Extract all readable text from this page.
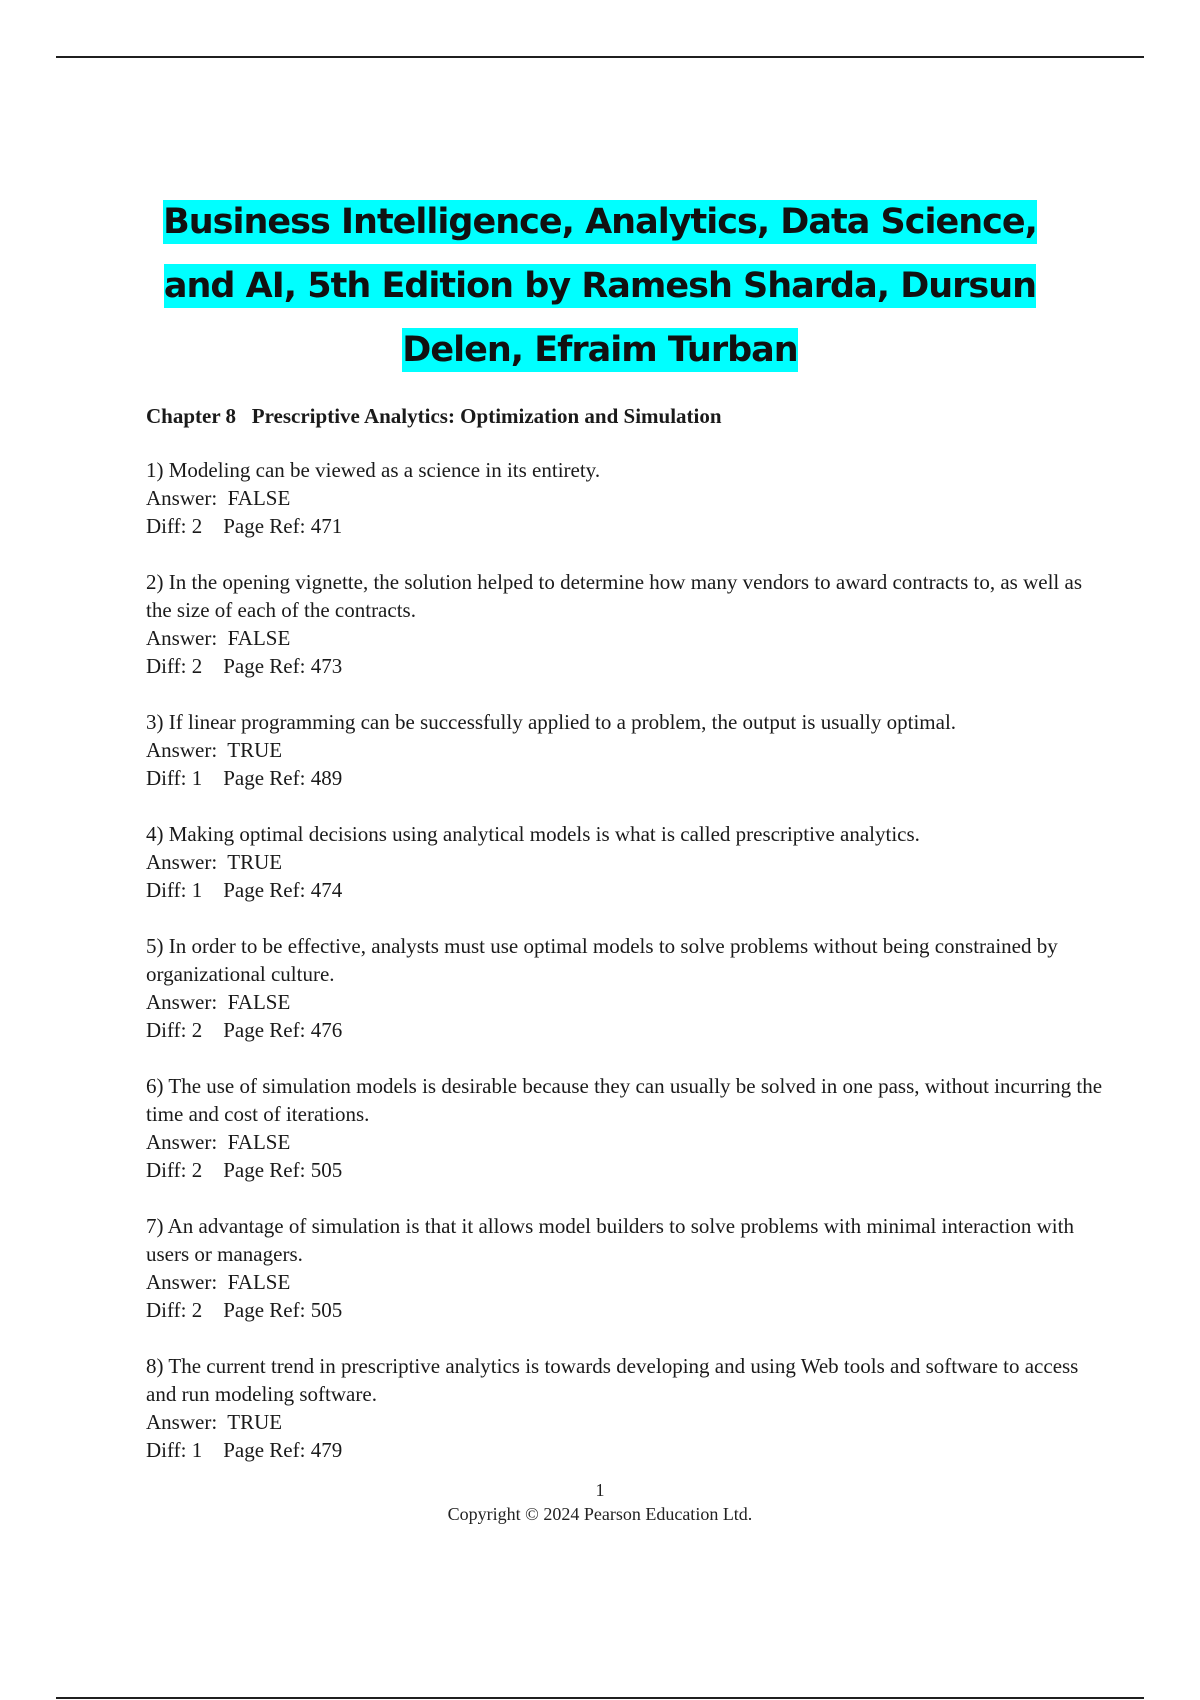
Business Intelligence, Analytics, Data Science,
and AI, 5th Edition by Ramesh Sharda, Dursun
Delen, Efraim Turban
Chapter 8 Prescriptive Analytics: Optimization and Simulation
1) Modeling can be viewed as a science in its entirety.
Answer: FALSE
Diff: 2 Page Ref: 471
2) In the opening vignette, the solution helped to determine how many vendors to award contracts to, as well as the size of each of the contracts.
Answer: FALSE
Diff: 2 Page Ref: 473
3) If linear programming can be successfully applied to a problem, the output is usually optimal.
Answer: TRUE
Diff: 1 Page Ref: 489
4) Making optimal decisions using analytical models is what is called prescriptive analytics.
Answer: TRUE
Diff: 1 Page Ref: 474
5) In order to be effective, analysts must use optimal models to solve problems without being constrained by organizational culture.
Answer: FALSE
Diff: 2 Page Ref: 476
6) The use of simulation models is desirable because they can usually be solved in one pass, without incurring the time and cost of iterations.
Answer: FALSE
Diff: 2 Page Ref: 505
7) An advantage of simulation is that it allows model builders to solve problems with minimal interaction with users or managers.
Answer: FALSE
Diff: 2 Page Ref: 505
8) The current trend in prescriptive analytics is towards developing and using Web tools and software to access and run modeling software.
Answer: TRUE
Diff: 1 Page Ref: 479
1
Copyright © 2024 Pearson Education Ltd.
